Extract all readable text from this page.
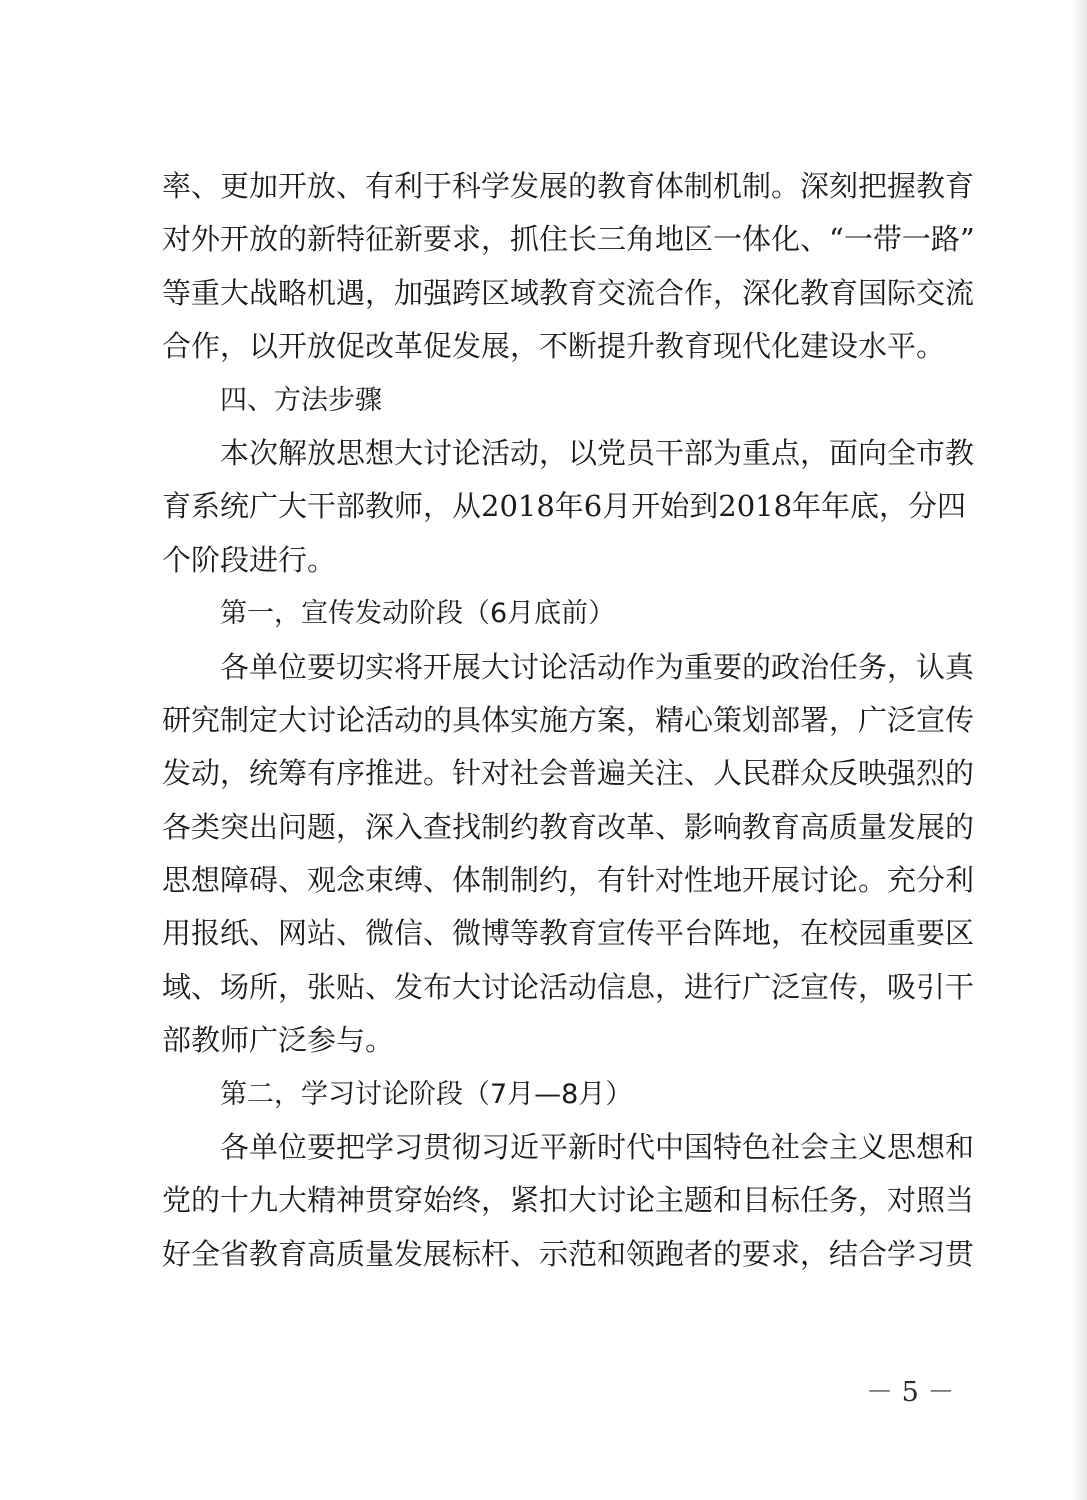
率、更加开放、有利于科学发展的教育体制机制。深刻把握教育
对外开放的新特征新要求，抓住长三角地区一体化、“一带一路”
等重大战略机遇，加强跨区域教育交流合作，深化教育国际交流
合作，以开放促改革促发展，不断提升教育现代化建设水平。
四、方法步骤
本次解放思想大讨论活动，以党员干部为重点，面向全市教
育系统广大干部教师，从2018年6月开始到2018年年底，分四
个阶段进行。
第一，宣传发动阶段（6月底前）
各单位要切实将开展大讨论活动作为重要的政治任务，认真
研究制定大讨论活动的具体实施方案，精心策划部署，广泛宣传
发动，统筹有序推进。针对社会普遍关注、人民群众反映强烈的
各类突出问题，深入查找制约教育改革、影响教育高质量发展的
思想障碍、观念束缚、体制制约，有针对性地开展讨论。充分利
用报纸、网站、微信、微博等教育宣传平台阵地，在校园重要区
域、场所，张贴、发布大讨论活动信息，进行广泛宣传，吸引干
部教师广泛参与。
第二，学习讨论阶段（7月—8月）
各单位要把学习贯彻习近平新时代中国特色社会主义思想和
党的十九大精神贯穿始终，紧扣大讨论主题和目标任务，对照当
好全省教育高质量发展标杆、示范和领跑者的要求，结合学习贯
－ 5 －
